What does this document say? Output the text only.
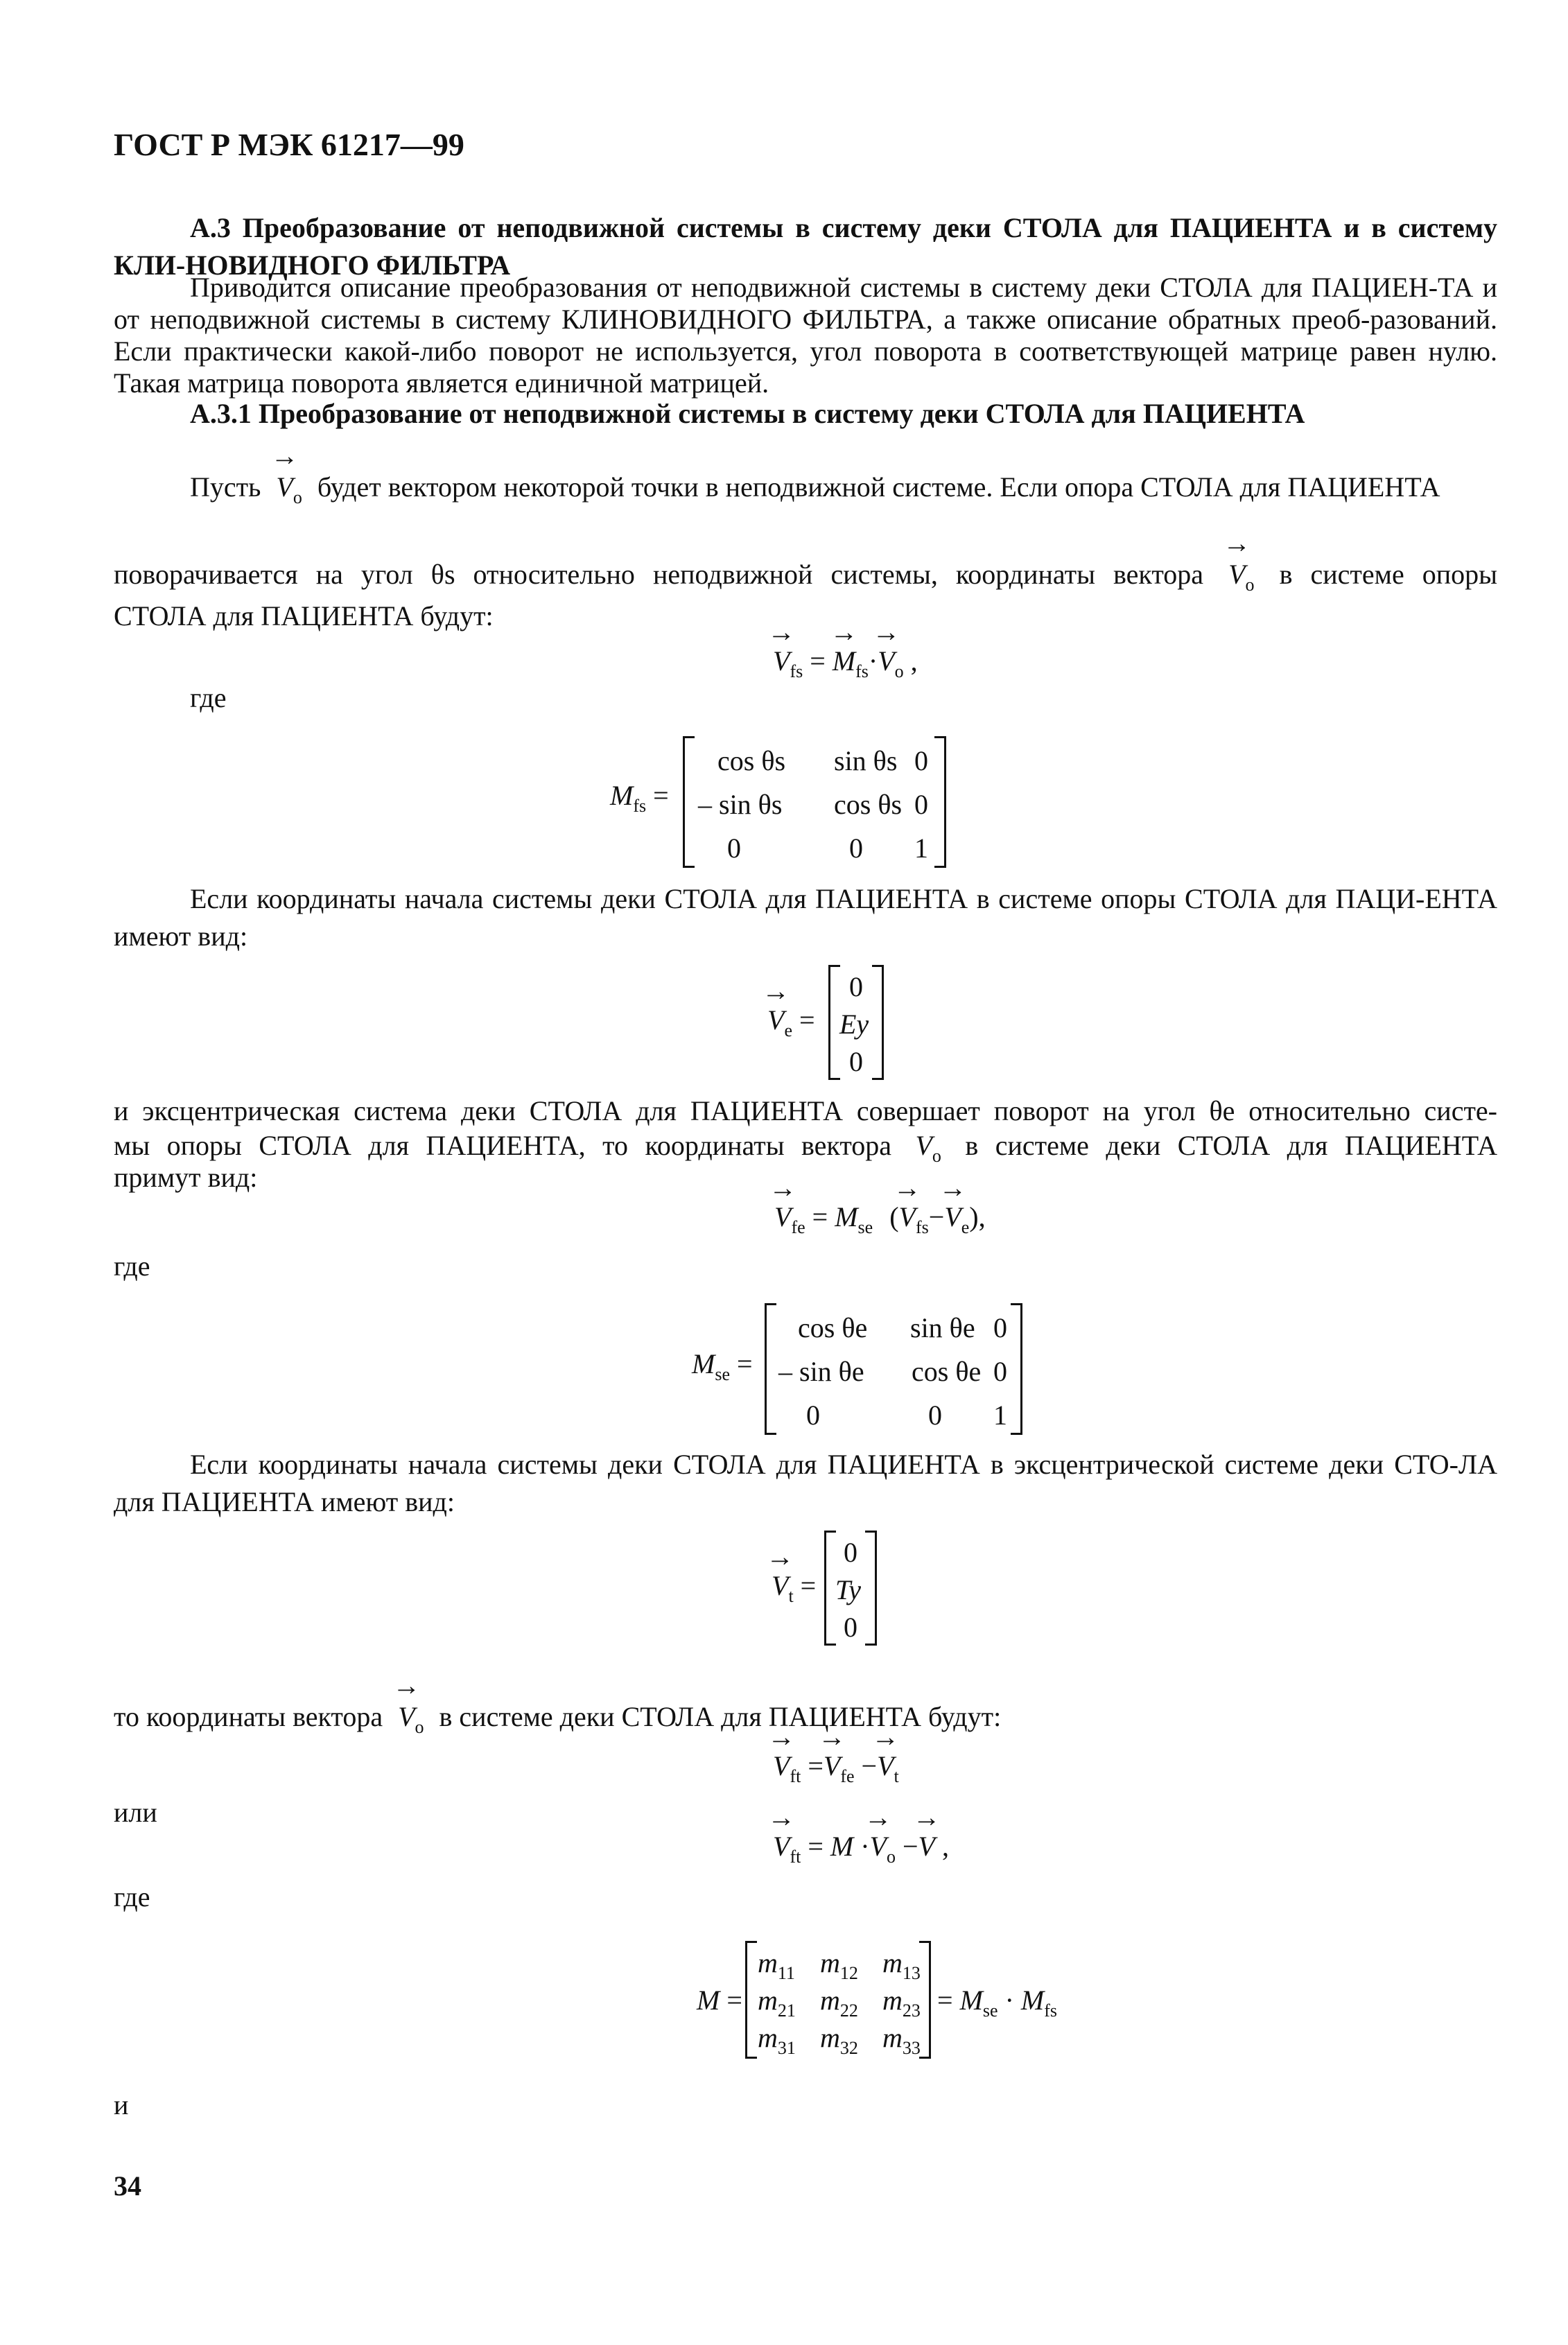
ГОСТ Р МЭК 61217—99
А.3 Преобразование от неподвижной системы в систему деки СТОЛА для ПАЦИЕНТА и в систему КЛИ-НОВИДНОГО ФИЛЬТРА
Приводится описание преобразования от неподвижной системы в систему деки СТОЛА для ПАЦИЕН-ТА и от неподвижной системы в систему КЛИНОВИДНОГО ФИЛЬТРА, а также описание обратных преоб-разований. Если практически какой-либо поворот не используется, угол поворота в соответствующей матрице равен нулю. Такая матрица поворота является единичной матрицей.
А.3.1 Преобразование от неподвижной системы в систему деки СТОЛА для ПАЦИЕНТА
Пусть → $V_o$ будет вектором некоторой точки в неподвижной системе. Если опора СТОЛА для ПАЦИЕНТА
поворачивается на угол θs относительно неподвижной системы, координаты вектора → $V_o$ в системе опоры
СТОЛА для ПАЦИЕНТА будут:
→ $V_{fs}$ = → $M_{fs}\cdot\to V_o$ ,
где
$M_{fs}$ =
cos θs sin θs 0
– sin θs cos θs 0
0	0 1
Если координаты начала системы деки СТОЛА для ПАЦИЕНТА в системе опоры СТОЛА для ПАЦИ-ЕНТА имеют вид:
→ $V_e$ =
0
Ey
0
и эксцентрическая система деки СТОЛА для ПАЦИЕНТА совершает поворот на угол θe относительно систе-
мы опоры СТОЛА для ПАЦИЕНТА, то координаты вектора $V_o$ в системе деки СТОЛА для ПАЦИЕНТА
примут вид:
→ $V_{fe} = M_{se}$ (→ $V_{fs}-\to V_e$),
где
$M_{se}$ =
cos θe sin θe 0
– sin θe cos θe 0
0	0 1
Если координаты начала системы деки СТОЛА для ПАЦИЕНТА в эксцентрической системе деки СТО-ЛА для ПАЦИЕНТА имеют вид:
→ $V_t$ =
0
Ty
0
то координаты вектора → $V_o$ в системе деки СТОЛА для ПАЦИЕНТА будут:
→ $V_{ft} =\to V_{fe} -\to V_t$
или
→ $V_{ft} = M \cdot\to V_o -\to V$ ,
где
M =
$m_{11}$ $m_{12}$ $m_{13}$
$m_{21}$ $m_{22}$ $m_{23}$
$m_{31}$ $m_{32}$ $m_{33}$
= $M_{se} \cdot M_{fs}$
и
34
